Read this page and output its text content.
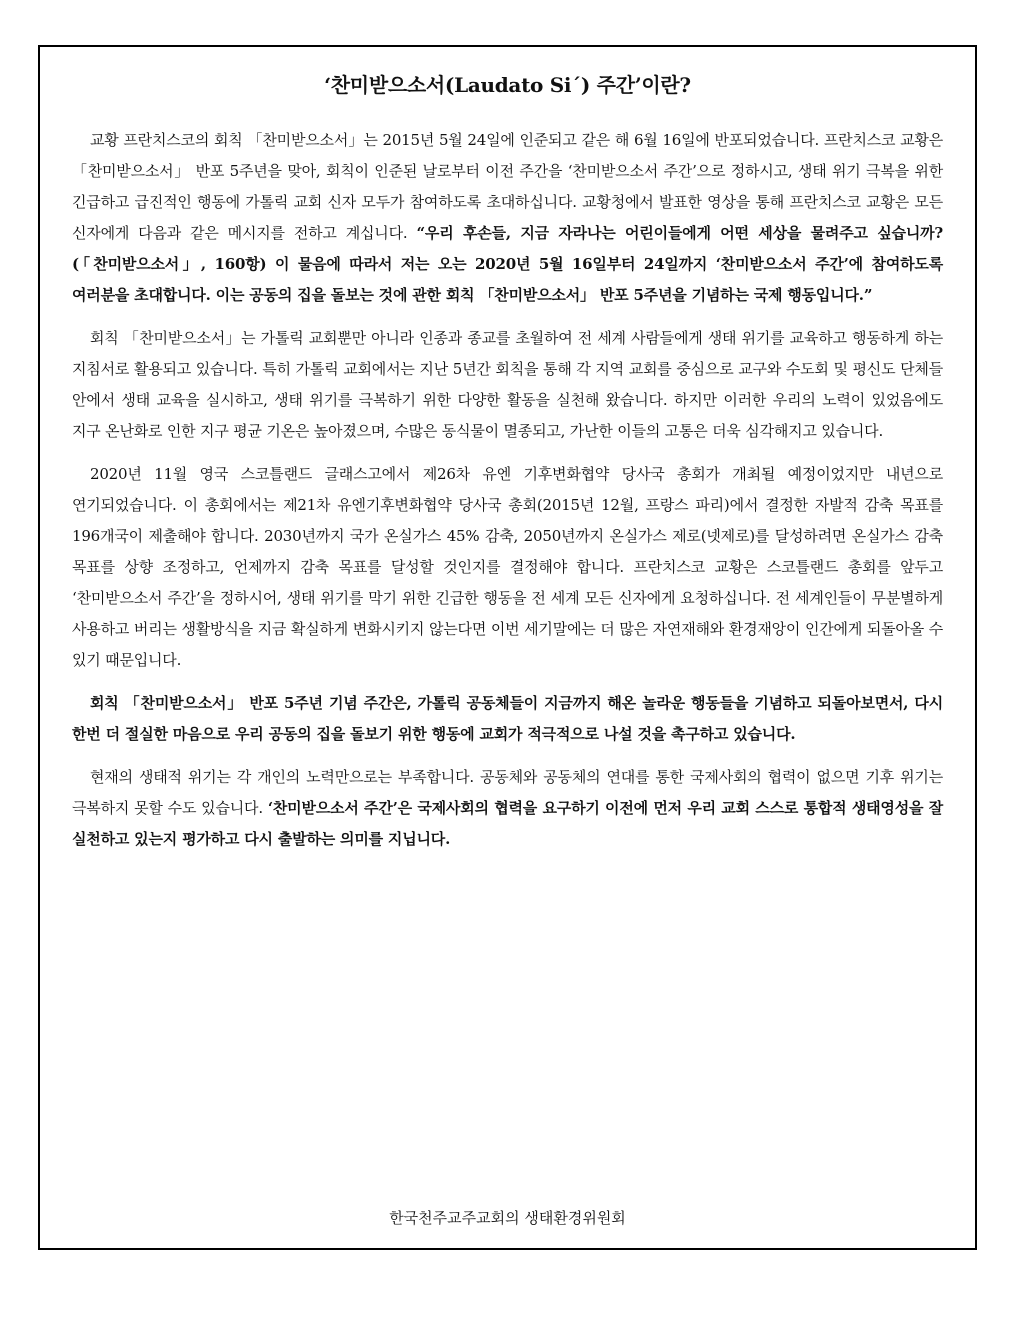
‘찬미받으소서(Laudato Si´) 주간’이란?

교황 프란치스코의 회칙 「찬미받으소서」는 2015년 5월 24일에 인준되고 같은 해 6월 16일에 반포되었습니다. 프란치스코 교황은 「찬미받으소서」 반포 5주년을 맞아, 회칙이 인준된 날로부터 이전 주간을 ‘찬미받으소서 주간’으로 정하시고, 생태 위기 극복을 위한 긴급하고 급진적인 행동에 가톨릭 교회 신자 모두가 참여하도록 초대하십니다. 교황청에서 발표한 영상을 통해 프란치스코 교황은 모든 신자에게 다음과 같은 메시지를 전하고 계십니다. “우리 후손들, 지금 자라나는 어린이들에게 어떤 세상을 물려주고 싶습니까?(「찬미받으소서」, 160항) 이 물음에 따라서 저는 오는 2020년 5월 16일부터 24일까지 ‘찬미받으소서 주간’에 참여하도록 여러분을 초대합니다. 이는 공동의 집을 돌보는 것에 관한 회칙 「찬미받으소서」 반포 5주년을 기념하는 국제 행동입니다.”

회칙 「찬미받으소서」는 가톨릭 교회뿐만 아니라 인종과 종교를 초월하여 전 세계 사람들에게 생태 위기를 교육하고 행동하게 하는 지침서로 활용되고 있습니다. 특히 가톨릭 교회에서는 지난 5년간 회칙을 통해 각 지역 교회를 중심으로 교구와 수도회 및 평신도 단체들 안에서 생태 교육을 실시하고, 생태 위기를 극복하기 위한 다양한 활동을 실천해 왔습니다. 하지만 이러한 우리의 노력이 있었음에도 지구 온난화로 인한 지구 평균 기온은 높아졌으며, 수많은 동식물이 멸종되고, 가난한 이들의 고통은 더욱 심각해지고 있습니다.

2020년 11월 영국 스코틀랜드 글래스고에서 제26차 유엔 기후변화협약 당사국 총회가 개최될 예정이었지만 내년으로 연기되었습니다. 이 총회에서는 제21차 유엔기후변화협약 당사국 총회(2015년 12월, 프랑스 파리)에서 결정한 자발적 감축 목표를 196개국이 제출해야 합니다. 2030년까지 국가 온실가스 45% 감축, 2050년까지 온실가스 제로(넷제로)를 달성하려면 온실가스 감축 목표를 상향 조정하고, 언제까지 감축 목표를 달성할 것인지를 결정해야 합니다. 프란치스코 교황은 스코틀랜드 총회를 앞두고 ‘찬미받으소서 주간’을 정하시어, 생태 위기를 막기 위한 긴급한 행동을 전 세계 모든 신자에게 요청하십니다. 전 세계인들이 무분별하게 사용하고 버리는 생활방식을 지금 확실하게 변화시키지 않는다면 이번 세기말에는 더 많은 자연재해와 환경재앙이 인간에게 되돌아올 수 있기 때문입니다.

회칙 「찬미받으소서」 반포 5주년 기념 주간은, 가톨릭 공동체들이 지금까지 해온 놀라운 행동들을 기념하고 되돌아보면서, 다시 한번 더 절실한 마음으로 우리 공동의 집을 돌보기 위한 행동에 교회가 적극적으로 나설 것을 촉구하고 있습니다.

현재의 생태적 위기는 각 개인의 노력만으로는 부족합니다. 공동체와 공동체의 연대를 통한 국제사회의 협력이 없으면 기후 위기는 극복하지 못할 수도 있습니다. ‘찬미받으소서 주간’은 국제사회의 협력을 요구하기 이전에 먼저 우리 교회 스스로 통합적 생태영성을 잘 실천하고 있는지 평가하고 다시 출발하는 의미를 지닙니다.

한국천주교주교회의 생태환경위원회
